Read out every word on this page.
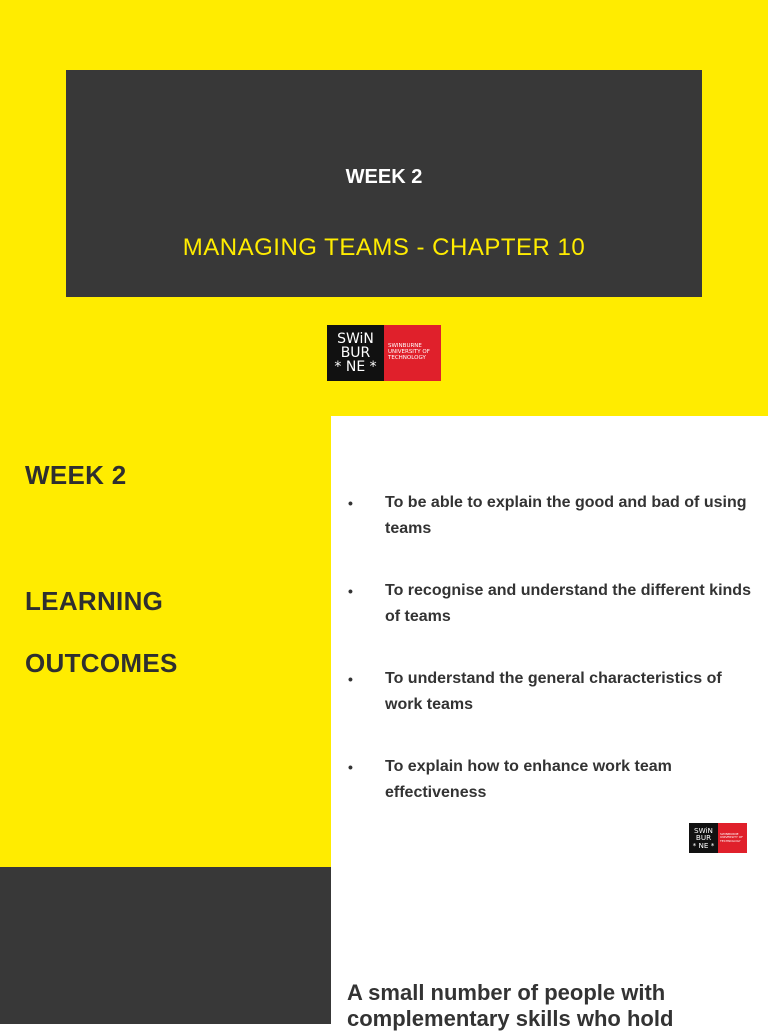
WEEK 2
MANAGING TEAMS - CHAPTER 10
SWiN
BUR
* NE *
SWINBURNE
UNIVERSITY OF
TECHNOLOGY
WEEK 2
LEARNING
OUTCOMES
• To be able to explain the good and bad of using teams
• To recognise and understand the different kinds of teams
• To understand the general characteristics of work teams
• To explain how to enhance work team effectiveness
SWiN
BUR
* NE *
SWINBURNE
UNIVERSITY OF
TECHNOLOGY
A small number of people with complementary skills who hold
